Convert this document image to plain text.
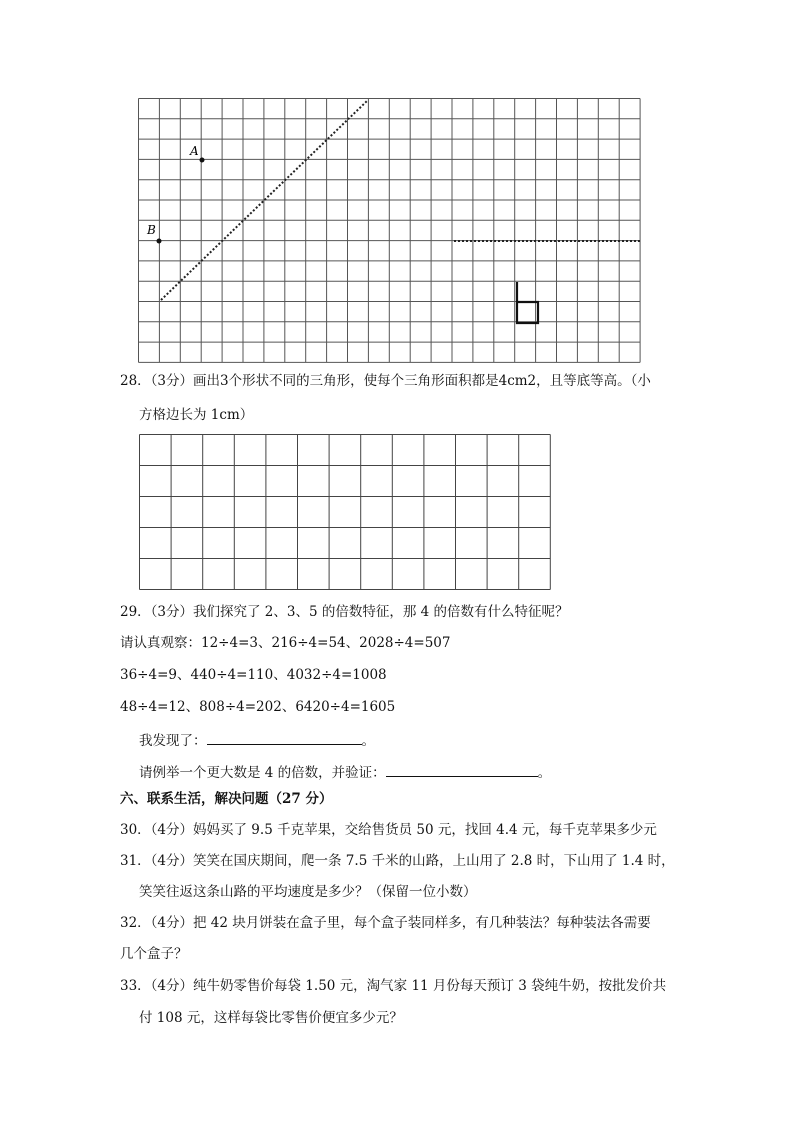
A
B
28．（3分）画出3个形状不同的三角形，使每个三角形面积都是4cm2，且等底等高。（小
方格边长为 1cm）
29．（3分）我们探究了 2、3、5 的倍数特征，那 4 的倍数有什么特征呢？
请认真观察：12÷4=3、216÷4=54、2028÷4=507
36÷4=9、440÷4=110、4032÷4=1008
48÷4=12、808÷4=202、6420÷4=1605
我发现了：	。
请例举一个更大数是 4 的倍数，并验证：	。
六、联系生活，解决问题（27 分）
30．（4分）妈妈买了 9.5 千克苹果，交给售货员 50 元，找回 4.4 元，每千克苹果多少元
31．（4分）笑笑在国庆期间，爬一条 7.5 千米的山路，上山用了 2.8 时，下山用了 1.4 时，
笑笑往返这条山路的平均速度是多少？（保留一位小数）
32．（4分）把 42 块月饼装在盒子里，每个盒子装同样多，有几种装法？每种装法各需要
几个盒子？
33．（4分）纯牛奶零售价每袋 1.50 元，淘气家 11 月份每天预订 3 袋纯牛奶，按批发价共
付 108 元，这样每袋比零售价便宜多少元？
